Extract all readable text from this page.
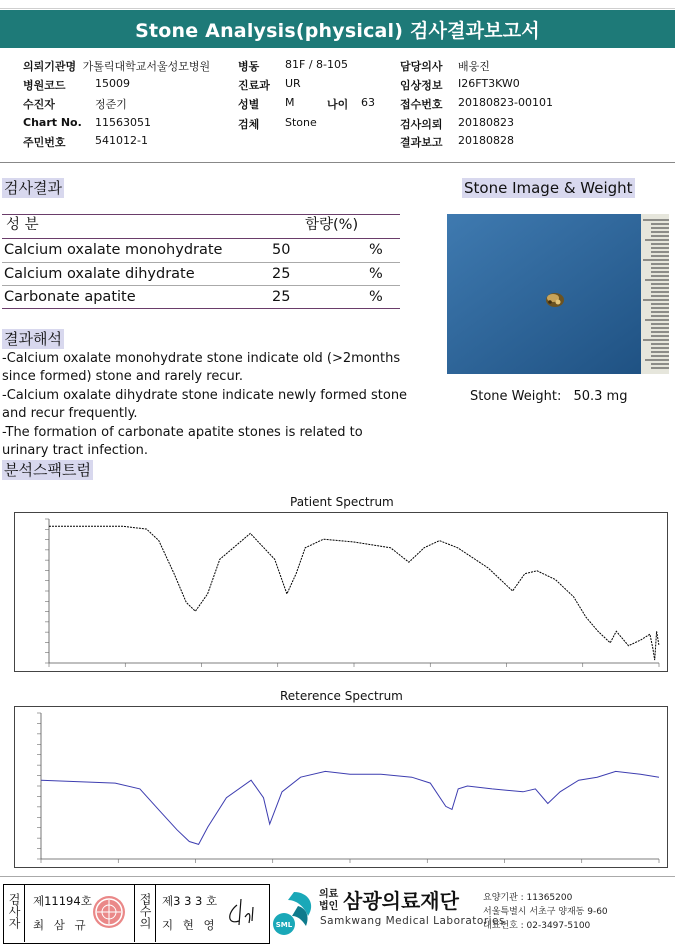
Stone Analysis(physical) 검사결과보고서
의뢰기관명 가톨릭대학교서울성모병원
병원코드	15009
수진자	정준기
Chart No. 11563051
주민번호	541012-1
병동 81F / 8-105
진료과 UR
성별 M	나이 63
검체 Stone
담당의사 배웅진
임상정보 I26FT3KW0
접수번호 20180823-00101
검사의뢰 20180823
결과보고 20180828
검사결과
성 분	함량(%)
Calcium oxalate monohydrate	50	%
Calcium oxalate dihydrate	25	%
Carbonate apatite	25	%
Stone Image & Weight
Stone Weight: 50.3 mg
결과해석
-Calcium oxalate monohydrate stone indicate old (>2months
since formed) stone and rarely recur.
-Calcium oxalate dihydrate stone indicate newly formed stone
and recur frequently.
-The formation of carbonate apatite stones is related to
urinary tract infection.
분석스팩트럼
Patient Spectrum
Reterence Spectrum
검사자 제11194호
최 삼 규	접수의 제3 3 3 호
지 현 영	SML
의료
법인 삼광의료재단
Samkwang Medical Laboratories
요양기관 : 11365200
서울특별시 서초구 양재동 9-60
대표번호 : 02-3497-5100
